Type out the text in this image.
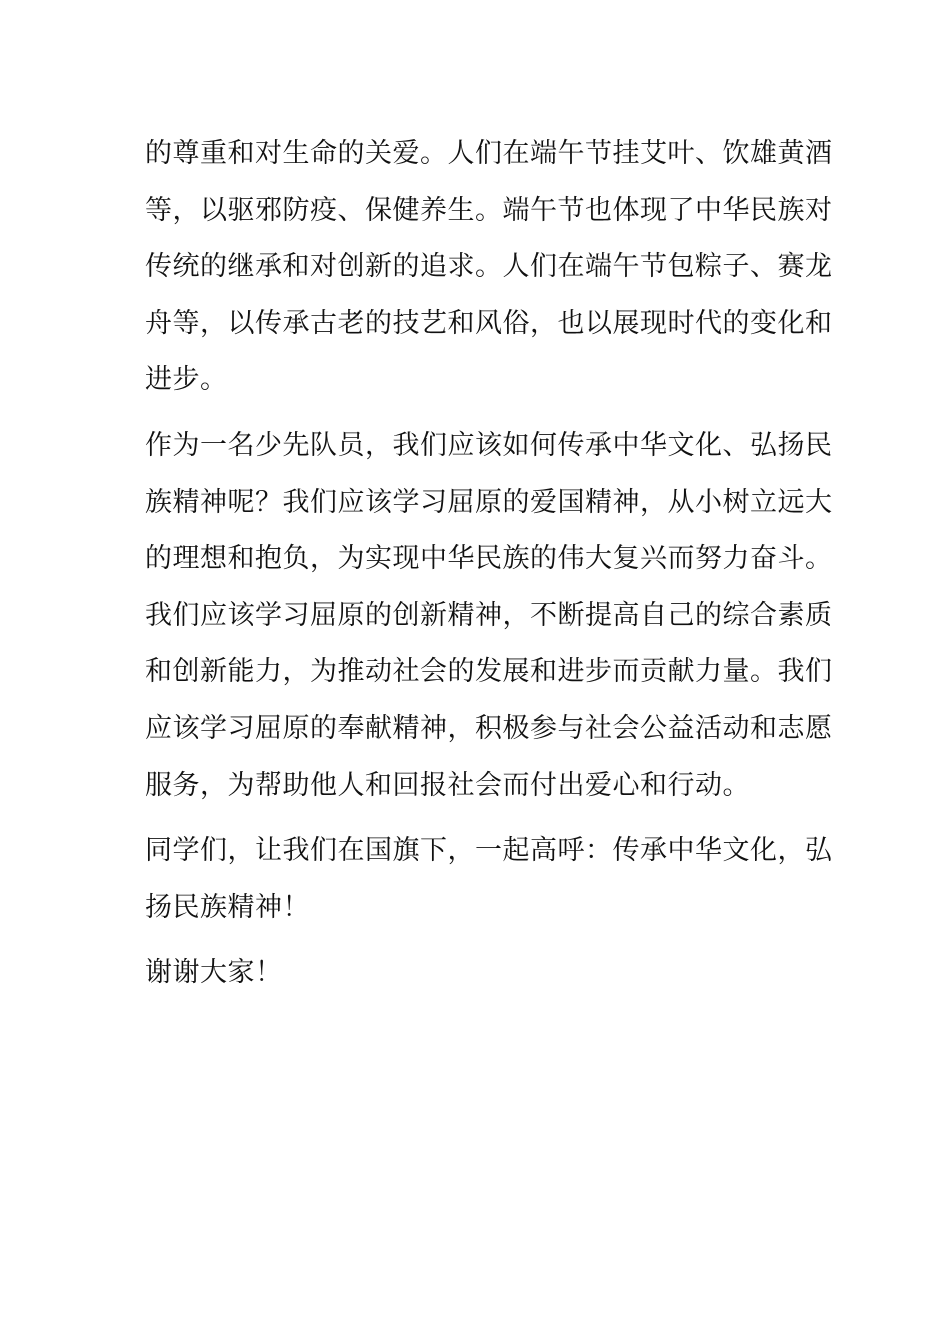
的尊重和对生命的关爱。人们在端午节挂艾叶、饮雄黄酒
等，以驱邪防疫、保健养生。端午节也体现了中华民族对
传统的继承和对创新的追求。人们在端午节包粽子、赛龙
舟等，以传承古老的技艺和风俗，也以展现时代的变化和
进步。

作为一名少先队员，我们应该如何传承中华文化、弘扬民
族精神呢？我们应该学习屈原的爱国精神，从小树立远大
的理想和抱负，为实现中华民族的伟大复兴而努力奋斗。
我们应该学习屈原的创新精神，不断提高自己的综合素质
和创新能力，为推动社会的发展和进步而贡献力量。我们
应该学习屈原的奉献精神，积极参与社会公益活动和志愿
服务，为帮助他人和回报社会而付出爱心和行动。

同学们，让我们在国旗下，一起高呼：传承中华文化，弘
扬民族精神！

谢谢大家！
